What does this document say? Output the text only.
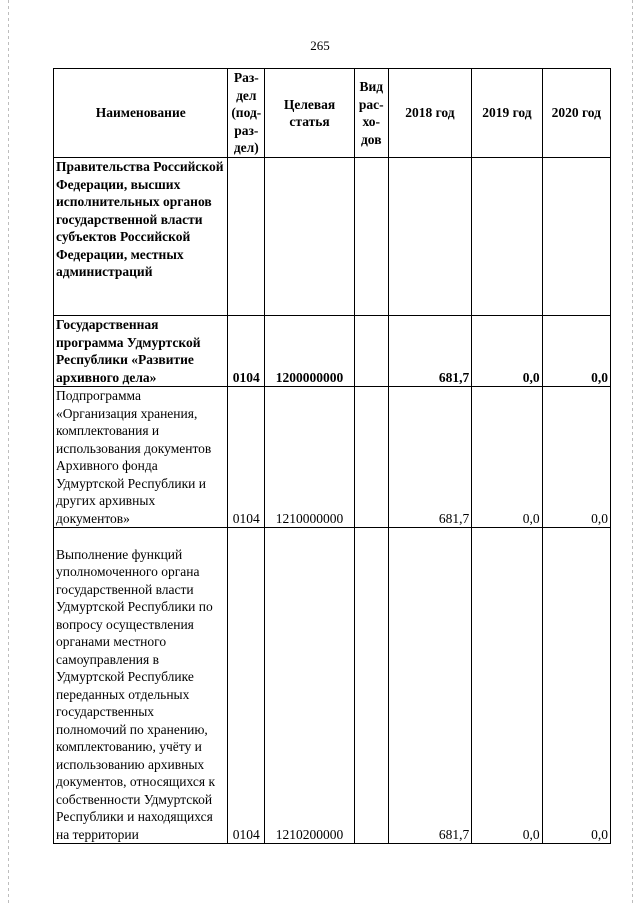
265
Наименование	Раз-дел (под-раз-дел)	Целевая статья	Вид рас-хо-дов	2018 год	2019 год	2020 год
Правительства Российской Федерации, высших исполнительных органов государственной власти субъектов Российской Федерации, местных администраций						
Государственная программа Удмуртской Республики «Развитие архивного дела»	0104	1200000000		681,7	0,0	0,0
Подпрограмма «Организация хранения, комплектования и использования документов Архивного фонда Удмуртской Республики и других архивных документов»	0104	1210000000		681,7	0,0	0,0
Выполнение функций уполномоченного органа государственной власти Удмуртской Республики по вопросу осуществления органами местного самоуправления в Удмуртской Республике переданных отдельных государственных полномочий по хранению, комплектованию, учёту и использованию архивных документов, относящихся к собственности Удмуртской Республики и находящихся на территории	0104	1210200000		681,7	0,0	0,0
